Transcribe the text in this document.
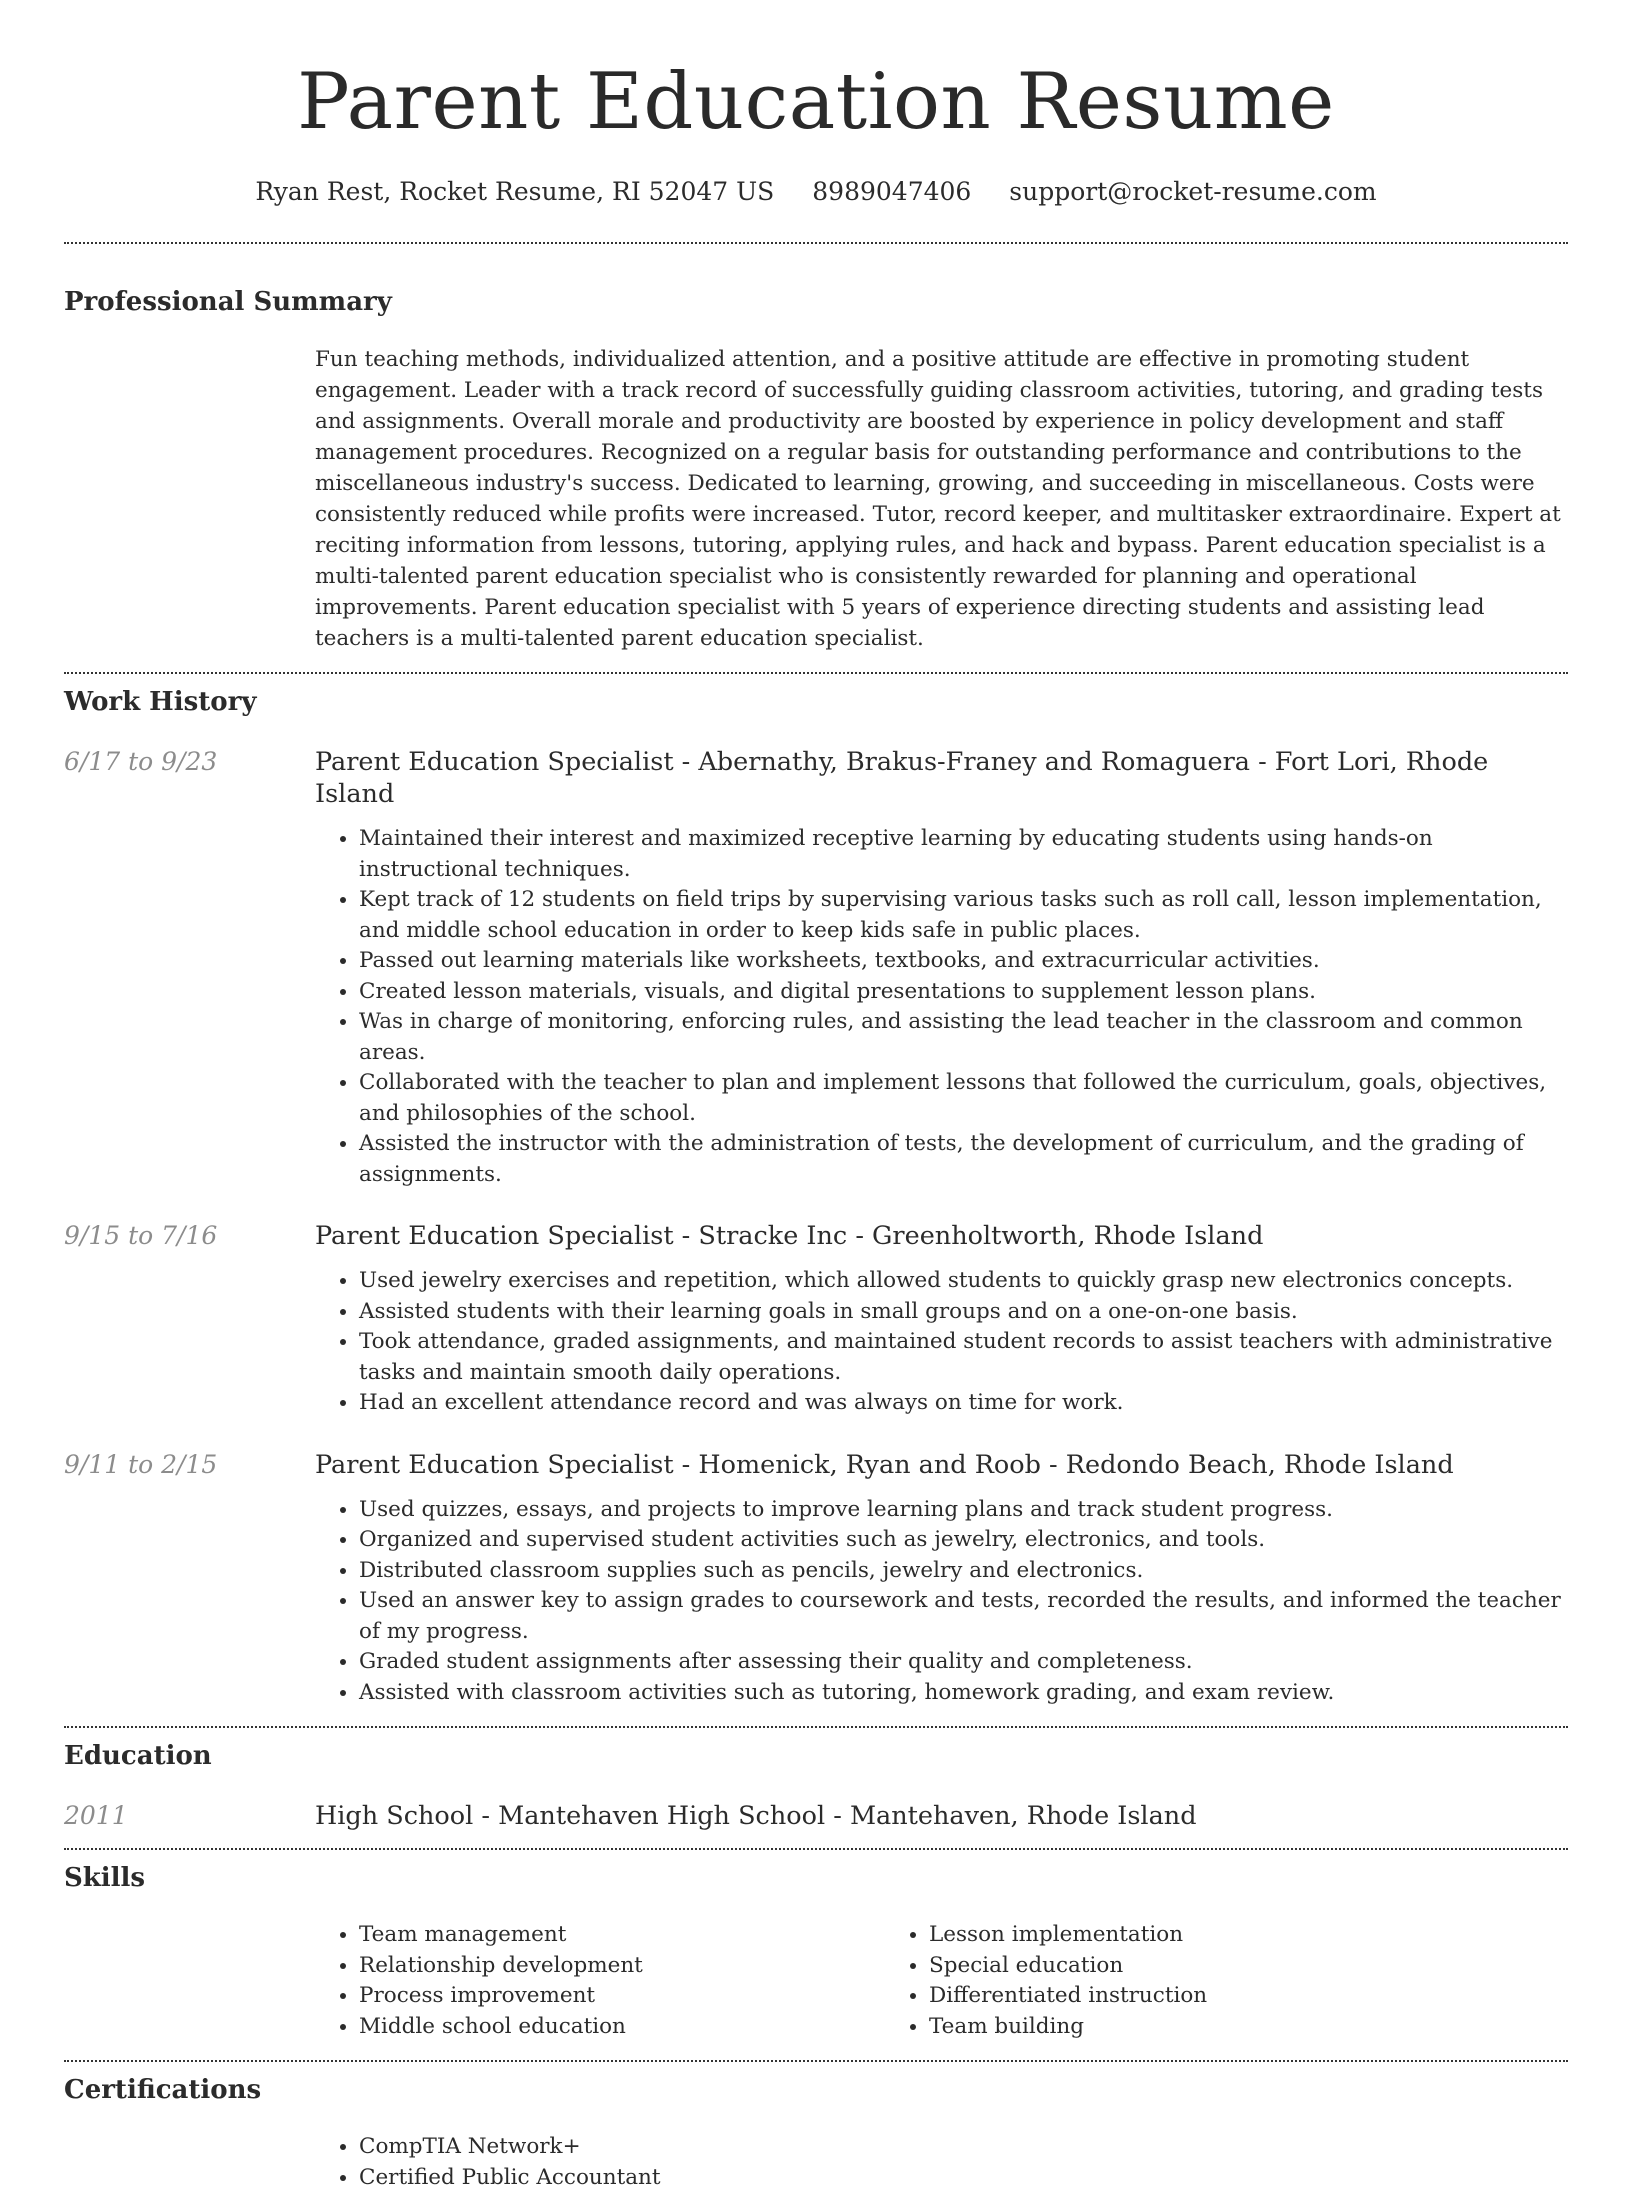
Parent Education Resume
Ryan Rest, Rocket Resume, RI 52047 US 8989047406 support@rocket-resume.com
Professional Summary

Fun teaching methods, individualized attention, and a positive attitude are effective in promoting student engagement. Leader with a track record of successfully guiding classroom activities, tutoring, and grading tests and assignments. Overall morale and productivity are boosted by experience in policy development and staff management procedures. Recognized on a regular basis for outstanding performance and contributions to the miscellaneous industry's success. Dedicated to learning, growing, and succeeding in miscellaneous. Costs were consistently reduced while profits were increased. Tutor, record keeper, and multitasker extraordinaire. Expert at reciting information from lessons, tutoring, applying rules, and hack and bypass. Parent education specialist is a multi-talented parent education specialist who is consistently rewarded for planning and operational improvements. Parent education specialist with 5 years of experience directing students and assisting lead teachers is a multi-talented parent education specialist.

Work History
6/17 to 9/23	Parent Education Specialist - Abernathy, Brakus-Franey and Romaguera - Fort Lori, Rhode Island
• Maintained their interest and maximized receptive learning by educating students using hands-on instructional techniques.
• Kept track of 12 students on field trips by supervising various tasks such as roll call, lesson implementation, and middle school education in order to keep kids safe in public places.
• Passed out learning materials like worksheets, textbooks, and extracurricular activities.
• Created lesson materials, visuals, and digital presentations to supplement lesson plans.
• Was in charge of monitoring, enforcing rules, and assisting the lead teacher in the classroom and common areas.
• Collaborated with the teacher to plan and implement lessons that followed the curriculum, goals, objectives, and philosophies of the school.
• Assisted the instructor with the administration of tests, the development of curriculum, and the grading of assignments.
9/15 to 7/16	Parent Education Specialist - Stracke Inc - Greenholtworth, Rhode Island
• Used jewelry exercises and repetition, which allowed students to quickly grasp new electronics concepts.
• Assisted students with their learning goals in small groups and on a one-on-one basis.
• Took attendance, graded assignments, and maintained student records to assist teachers with administrative tasks and maintain smooth daily operations.
• Had an excellent attendance record and was always on time for work.
9/11 to 2/15	Parent Education Specialist - Homenick, Ryan and Roob - Redondo Beach, Rhode Island
• Used quizzes, essays, and projects to improve learning plans and track student progress.
• Organized and supervised student activities such as jewelry, electronics, and tools.
• Distributed classroom supplies such as pencils, jewelry and electronics.
• Used an answer key to assign grades to coursework and tests, recorded the results, and informed the teacher of my progress.
• Graded student assignments after assessing their quality and completeness.
• Assisted with classroom activities such as tutoring, homework grading, and exam review.
Education
2011	High School - Mantehaven High School - Mantehaven, Rhode Island
Skills
• Team management
• Relationship development
• Process improvement
• Middle school education
• Lesson implementation
• Special education
• Differentiated instruction
• Team building
Certifications
• CompTIA Network+
• Certified Public Accountant
